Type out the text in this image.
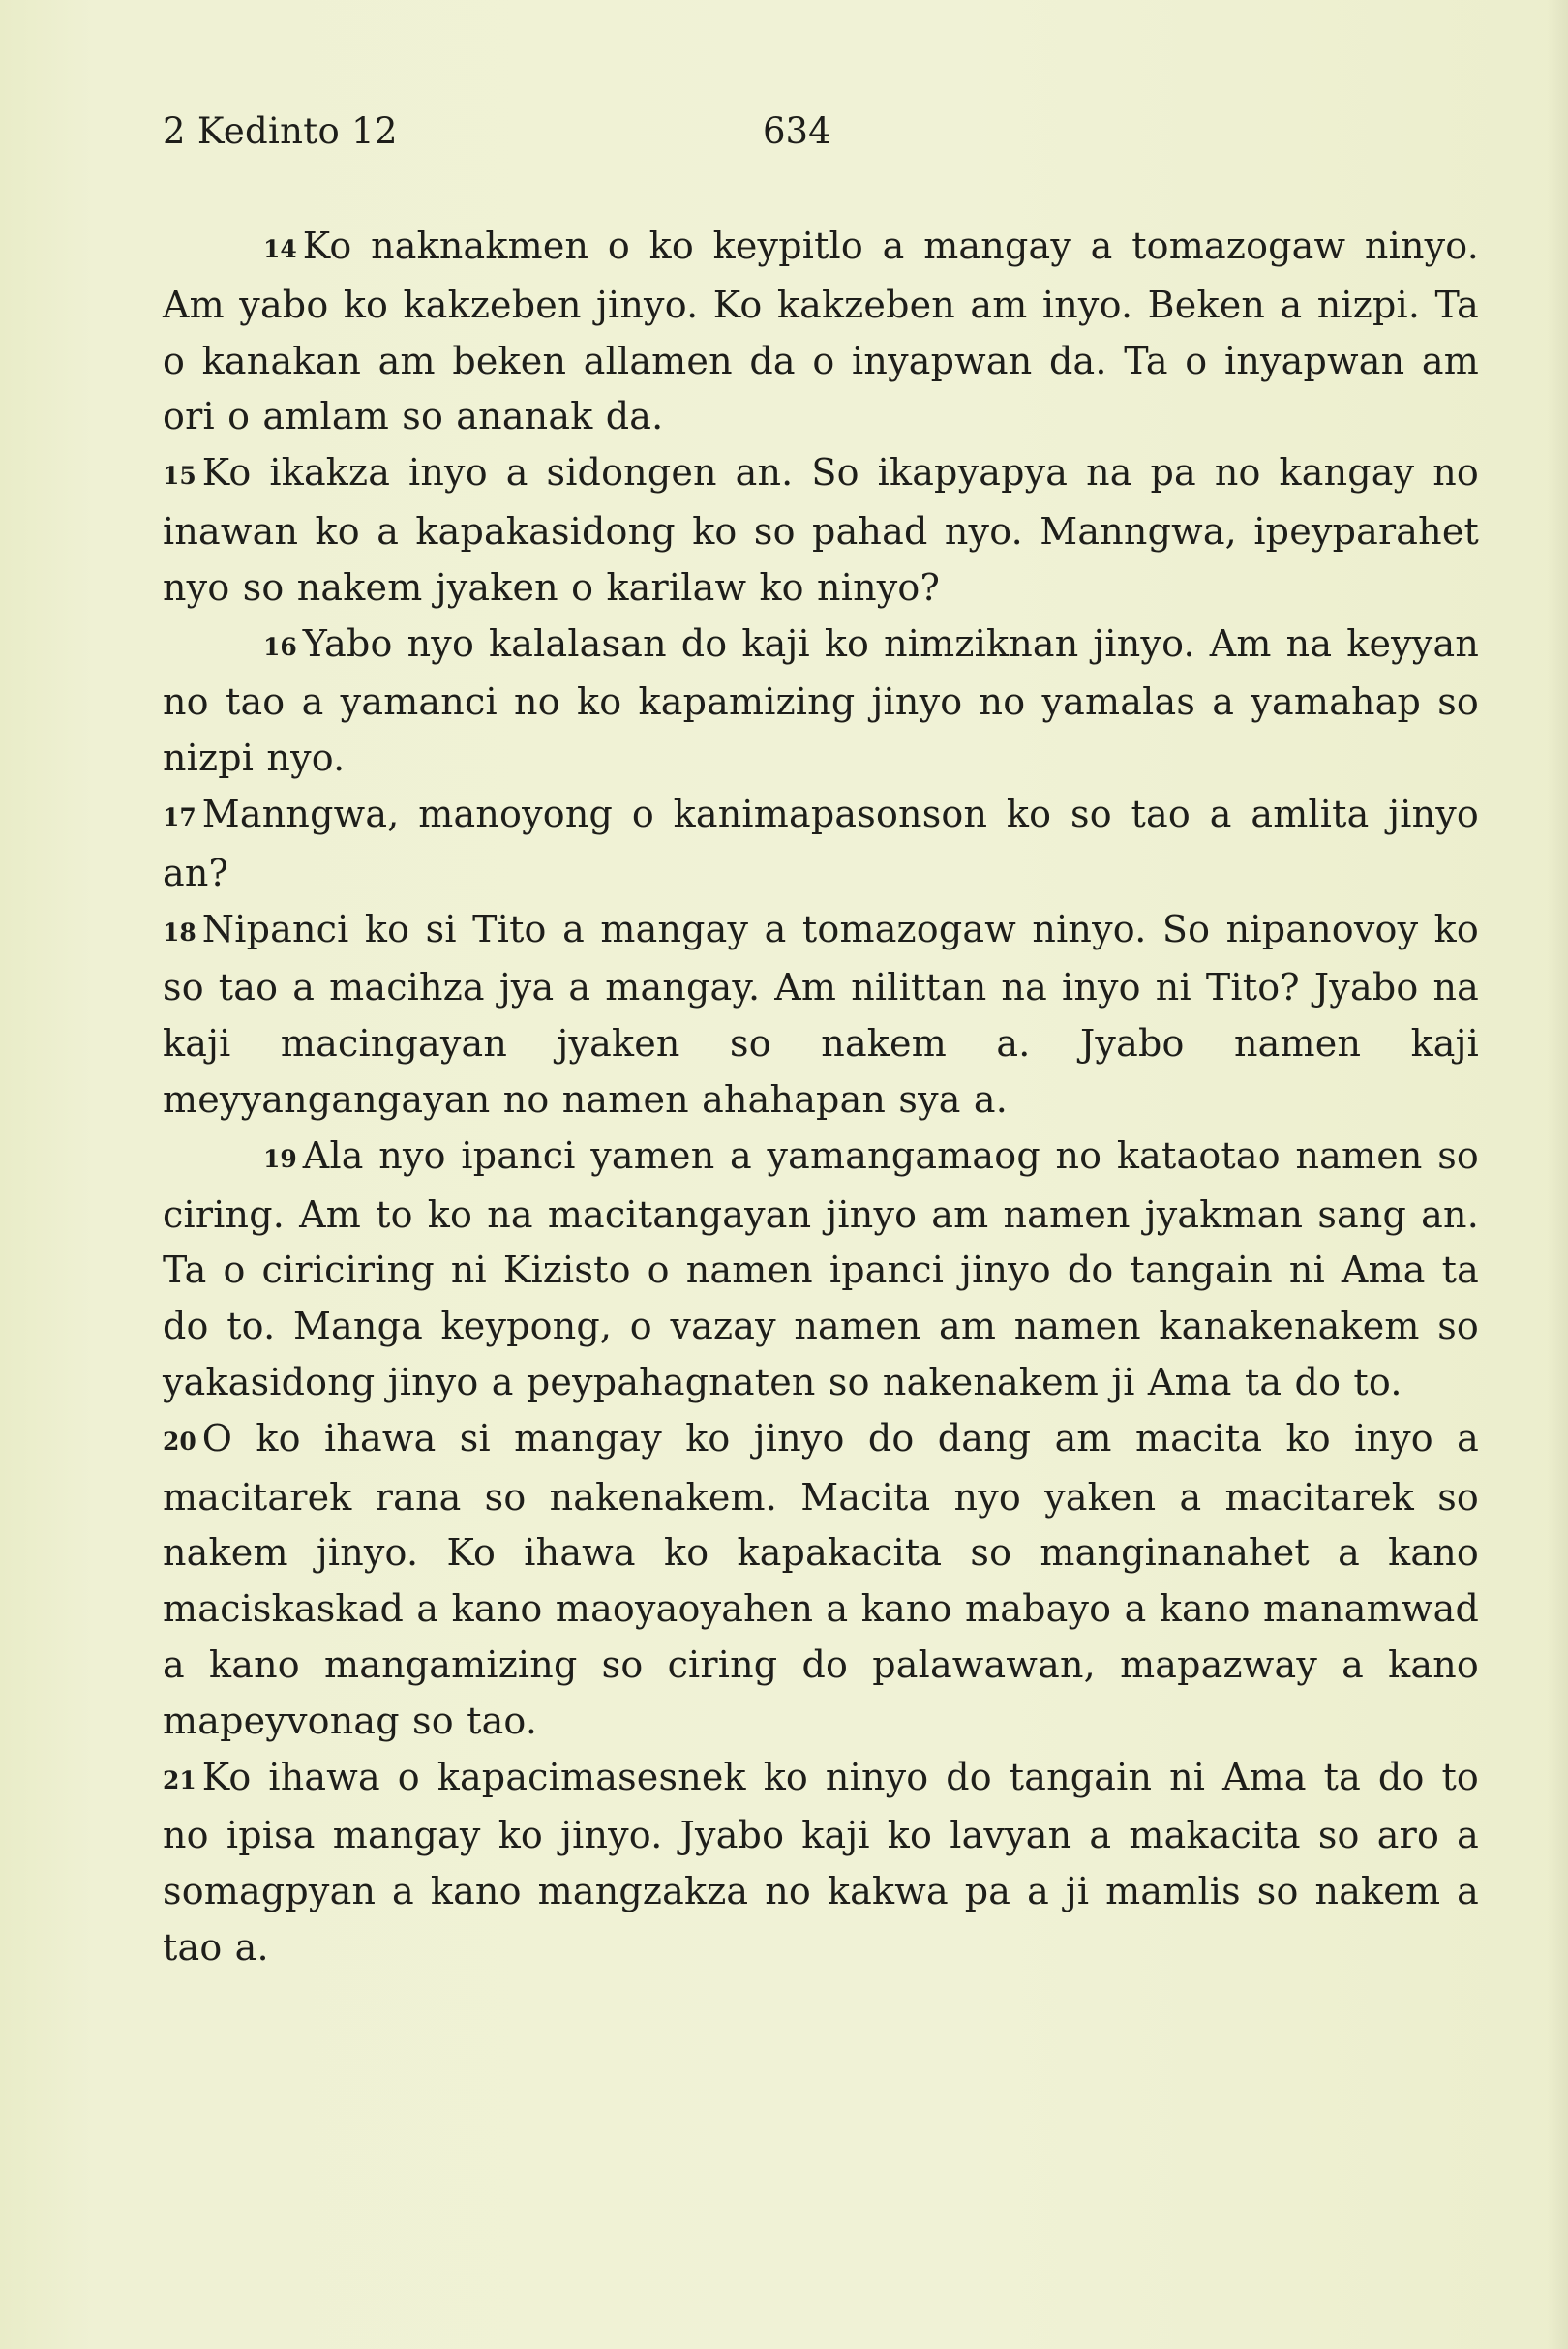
2 Kedinto 12	634

14 Ko naknakmen o ko keypitlo a mangay a tomazogaw ninyo. Am yabo ko kakzeben jinyo. Ko kakzeben am inyo. Beken a nizpi. Ta o kanakan am beken allamen da o inyapwan da. Ta o inyapwan am ori o amlam so ananak da.

15 Ko ikakza inyo a sidongen an. So ikapyapya na pa no kangay no inawan ko a kapakasidong ko so pahad nyo. Manngwa, ipeyparahet nyo so nakem jyaken o karilaw ko ninyo?

16 Yabo nyo kalalasan do kaji ko nimziknan jinyo. Am na keyyan no tao a yamanci no ko kapamizing jinyo no yamalas a yamahap so nizpi nyo.

17 Manngwa, manoyong o kanimapasonson ko so tao a amlita jinyo an?

18 Nipanci ko si Tito a mangay a tomazogaw ninyo. So nipanovoy ko so tao a macihza jya a mangay. Am nilittan na inyo ni Tito? Jyabo na kaji macingayan jyaken so nakem a. Jyabo namen kaji meyyangangayan no namen ahahapan sya a.

19 Ala nyo ipanci yamen a yamangamaog no kataotao namen so ciring. Am to ko na macitangayan jinyo am namen jyakman sang an. Ta o ciriciring ni Kizisto o namen ipanci jinyo do tangain ni Ama ta do to. Manga keypong, o vazay namen am namen kanakenakem so yakasidong jinyo a peypahagnaten so nakenakem ji Ama ta do to.

20 O ko ihawa si mangay ko jinyo do dang am macita ko inyo a macitarek rana so nakenakem. Macita nyo yaken a macitarek so nakem jinyo. Ko ihawa ko kapakacita so manginanahet a kano maciskaskad a kano maoyaoyahen a kano mabayo a kano manamwad a kano mangamizing so ciring do palawawan, mapazway a kano mapeyvonag so tao.

21 Ko ihawa o kapacimasesnek ko ninyo do tangain ni Ama ta do to no ipisa mangay ko jinyo. Jyabo kaji ko lavyan a makacita so aro a somagpyan a kano mangzakza no kakwa pa a ji mamlis so nakem a tao a.
